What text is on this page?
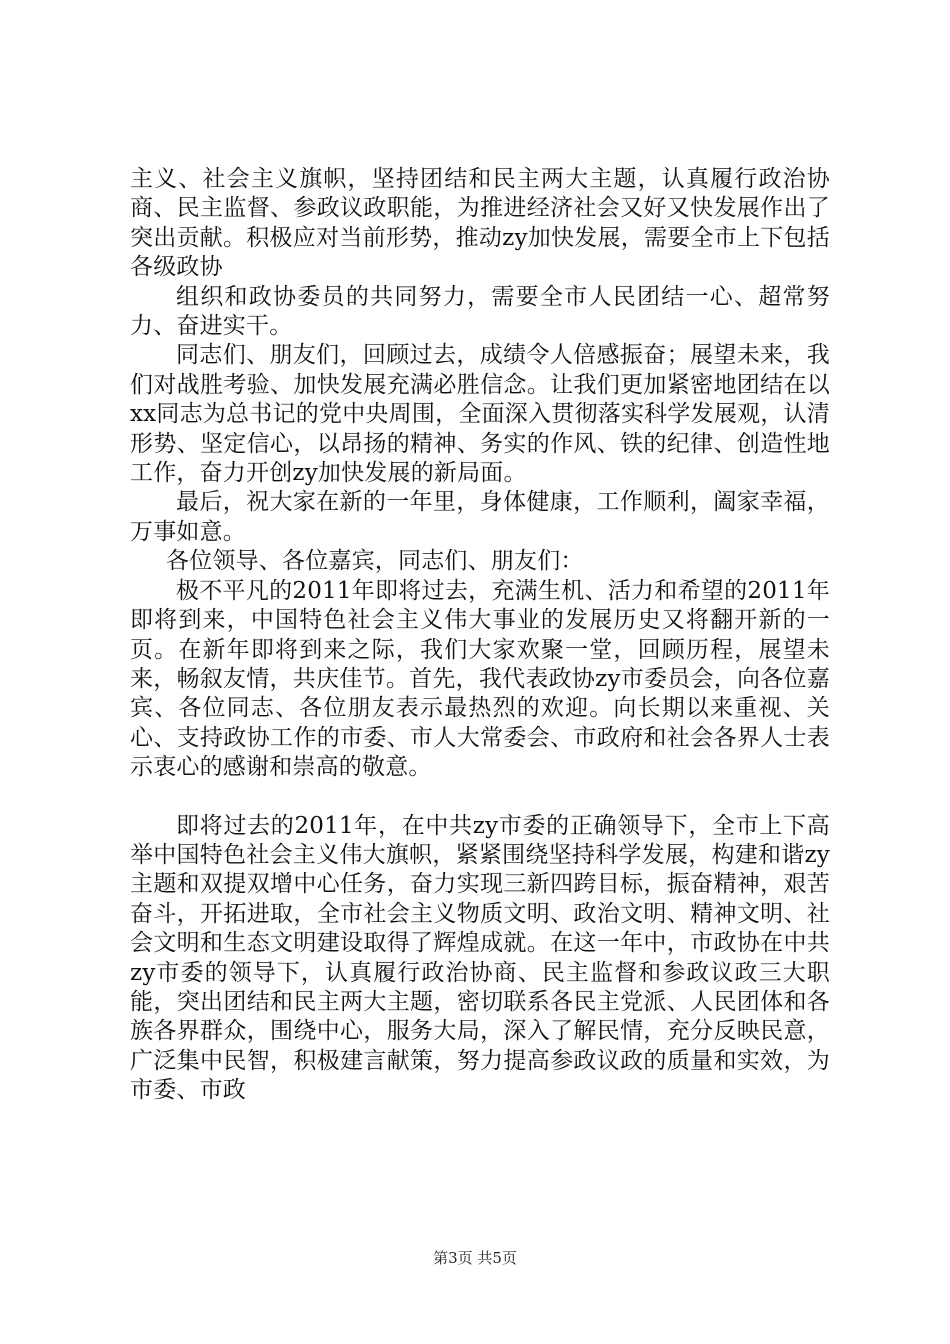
主义、社会主义旗帜，坚持团结和民主两大主题，认真履行政治协商、民主监督、参政议政职能，为推进经济社会又好又快发展作出了突出贡献。积极应对当前形势，推动zy加快发展，需要全市上下包括各级政协

组织和政协委员的共同努力，需要全市人民团结一心、超常努力、奋进实干。

同志们、朋友们，回顾过去，成绩令人倍感振奋；展望未来，我们对战胜考验、加快发展充满必胜信念。让我们更加紧密地团结在以xx同志为总书记的党中央周围，全面深入贯彻落实科学发展观，认清形势、坚定信心，以昂扬的精神、务实的作风、铁的纪律、创造性地工作，奋力开创zy加快发展的新局面。

最后，祝大家在新的一年里，身体健康，工作顺利，阖家幸福，万事如意。

各位领导、各位嘉宾，同志们、朋友们：

极不平凡的2011年即将过去，充满生机、活力和希望的2011年即将到来，中国特色社会主义伟大事业的发展历史又将翻开新的一页。在新年即将到来之际，我们大家欢聚一堂，回顾历程，展望未来，畅叙友情，共庆佳节。首先，我代表政协zy市委员会，向各位嘉宾、各位同志、各位朋友表示最热烈的欢迎。向长期以来重视、关心、支持政协工作的市委、市人大常委会、市政府和社会各界人士表示衷心的感谢和崇高的敬意。

即将过去的2011年，在中共zy市委的正确领导下，全市上下高举中国特色社会主义伟大旗帜，紧紧围绕坚持科学发展，构建和谐zy主题和双提双增中心任务，奋力实现三新四跨目标，振奋精神，艰苦奋斗，开拓进取，全市社会主义物质文明、政治文明、精神文明、社会文明和生态文明建设取得了辉煌成就。在这一年中，市政协在中共zy市委的领导下，认真履行政治协商、民主监督和参政议政三大职能，突出团结和民主两大主题，密切联系各民主党派、人民团体和各族各界群众，围绕中心，服务大局，深入了解民情，充分反映民意，广泛集中民智，积极建言献策，努力提高参政议政的质量和实效，为市委、市政

第3页 共5页
